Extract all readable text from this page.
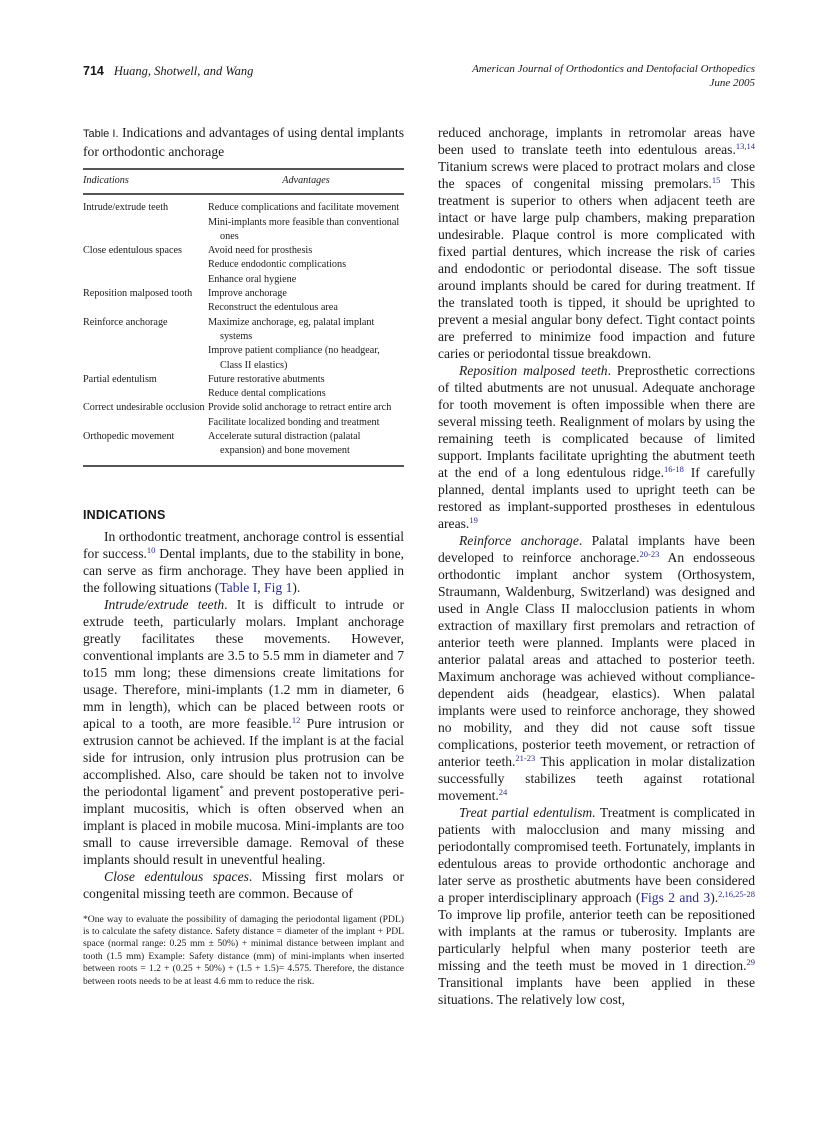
714 Huang, Shotwell, and Wang	American Journal of Orthodontics and Dentofacial Orthopedics
June 2005
Table I. Indications and advantages of using dental implants for orthodontic anchorage
Indications	Advantages

Intrude/extrude teeth	Reduce complications and facilitate movement
Mini-implants more feasible than conventional ones

Close edentulous spaces	Avoid need for prosthesis
Reduce endodontic complications
Enhance oral hygiene

Reposition malposed tooth	Improve anchorage
Reconstruct the edentulous area

Reinforce anchorage	Maximize anchorage, eg, palatal implant systems
Improve patient compliance (no headgear, Class II elastics)

Partial edentulism	Future restorative abutments
Reduce dental complications

Correct undesirable occlusion	Provide solid anchorage to retract entire arch
Facilitate localized bonding and treatment

Orthopedic movement	Accelerate sutural distraction (palatal expansion) and bone movement
INDICATIONS

In orthodontic treatment, anchorage control is essential for success.$^{10}$ Dental implants, due to the stability in bone, can serve as firm anchorage. They have been applied in the following situations (Table I, Fig 1).

Intrude/extrude teeth. It is difficult to intrude or extrude teeth, particularly molars. Implant anchorage greatly facilitates these movements. However, conventional implants are 3.5 to 5.5 mm in diameter and 7 to15 mm long; these dimensions create limitations for usage. Therefore, mini-implants (1.2 mm in diameter, 6 mm in length), which can be placed between roots or apical to a tooth, are more feasible.$^{12}$ Pure intrusion or extrusion cannot be achieved. If the implant is at the facial side for intrusion, only intrusion plus protrusion can be accomplished. Also, care should be taken not to involve the periodontal ligament* and prevent postoperative peri-implant mucositis, which is often observed when an implant is placed in mobile mucosa. Mini-implants are too small to cause irreversible damage. Removal of these implants should result in uneventful healing.

Close edentulous spaces. Missing first molars or congenital missing teeth are common. Because of

*One way to evaluate the possibility of damaging the periodontal ligament (PDL) is to calculate the safety distance. Safety distance = diameter of the implant + PDL space (normal range: 0.25 mm ± 50%) + minimal distance between implant and tooth (1.5 mm) Example: Safety distance (mm) of mini-implants when inserted between roots = 1.2 + (0.25 + 50%) + (1.5 + 1.5)= 4.575. Therefore, the distance between roots needs to be at least 4.6 mm to reduce the risk.

reduced anchorage, implants in retromolar areas have been used to translate teeth into edentulous areas.$^{13,14}$ Titanium screws were placed to protract molars and close the spaces of congenital missing premolars.$^{15}$ This treatment is superior to others when adjacent teeth are intact or have large pulp chambers, making preparation undesirable. Plaque control is more complicated with fixed partial dentures, which increase the risk of caries and endodontic or periodontal disease. The soft tissue around implants should be cared for during treatment. If the translated tooth is tipped, it should be uprighted to prevent a mesial angular bony defect. Tight contact points are preferred to minimize food impaction and future caries or periodontal tissue breakdown.

Reposition malposed teeth. Preprosthetic corrections of tilted abutments are not unusual. Adequate anchorage for tooth movement is often impossible when there are several missing teeth. Realignment of molars by using the remaining teeth is complicated because of limited support. Implants facilitate uprighting the abutment teeth at the end of a long edentulous ridge.$^{16-18}$ If carefully planned, dental implants used to upright teeth can be restored as implant-supported prostheses in edentulous areas.$^{19}$

Reinforce anchorage. Palatal implants have been developed to reinforce anchorage.$^{20-23}$ An endosseous orthodontic implant anchor system (Orthosystem, Straumann, Waldenburg, Switzerland) was designed and used in Angle Class II malocclusion patients in whom extraction of maxillary first premolars and retraction of anterior teeth were planned. Implants were placed in anterior palatal areas and attached to posterior teeth. Maximum anchorage was achieved without compliance-dependent aids (headgear, elastics). When palatal implants were used to reinforce anchorage, they showed no mobility, and they did not cause soft tissue complications, posterior teeth movement, or retraction of anterior teeth.$^{21-23}$ This application in molar distalization successfully stabilizes teeth against rotational movement.$^{24}$

Treat partial edentulism. Treatment is complicated in patients with malocclusion and many missing and periodontally compromised teeth. Fortunately, implants in edentulous areas to provide orthodontic anchorage and later serve as prosthetic abutments have been considered a proper interdisciplinary approach (Figs 2 and 3).$^{2,16,25-28}$ To improve lip profile, anterior teeth can be repositioned with implants at the ramus or tuberosity. Implants are particularly helpful when many posterior teeth are missing and the teeth must be moved in 1 direction.$^{29}$ Transitional implants have been applied in these situations. The relatively low cost,
